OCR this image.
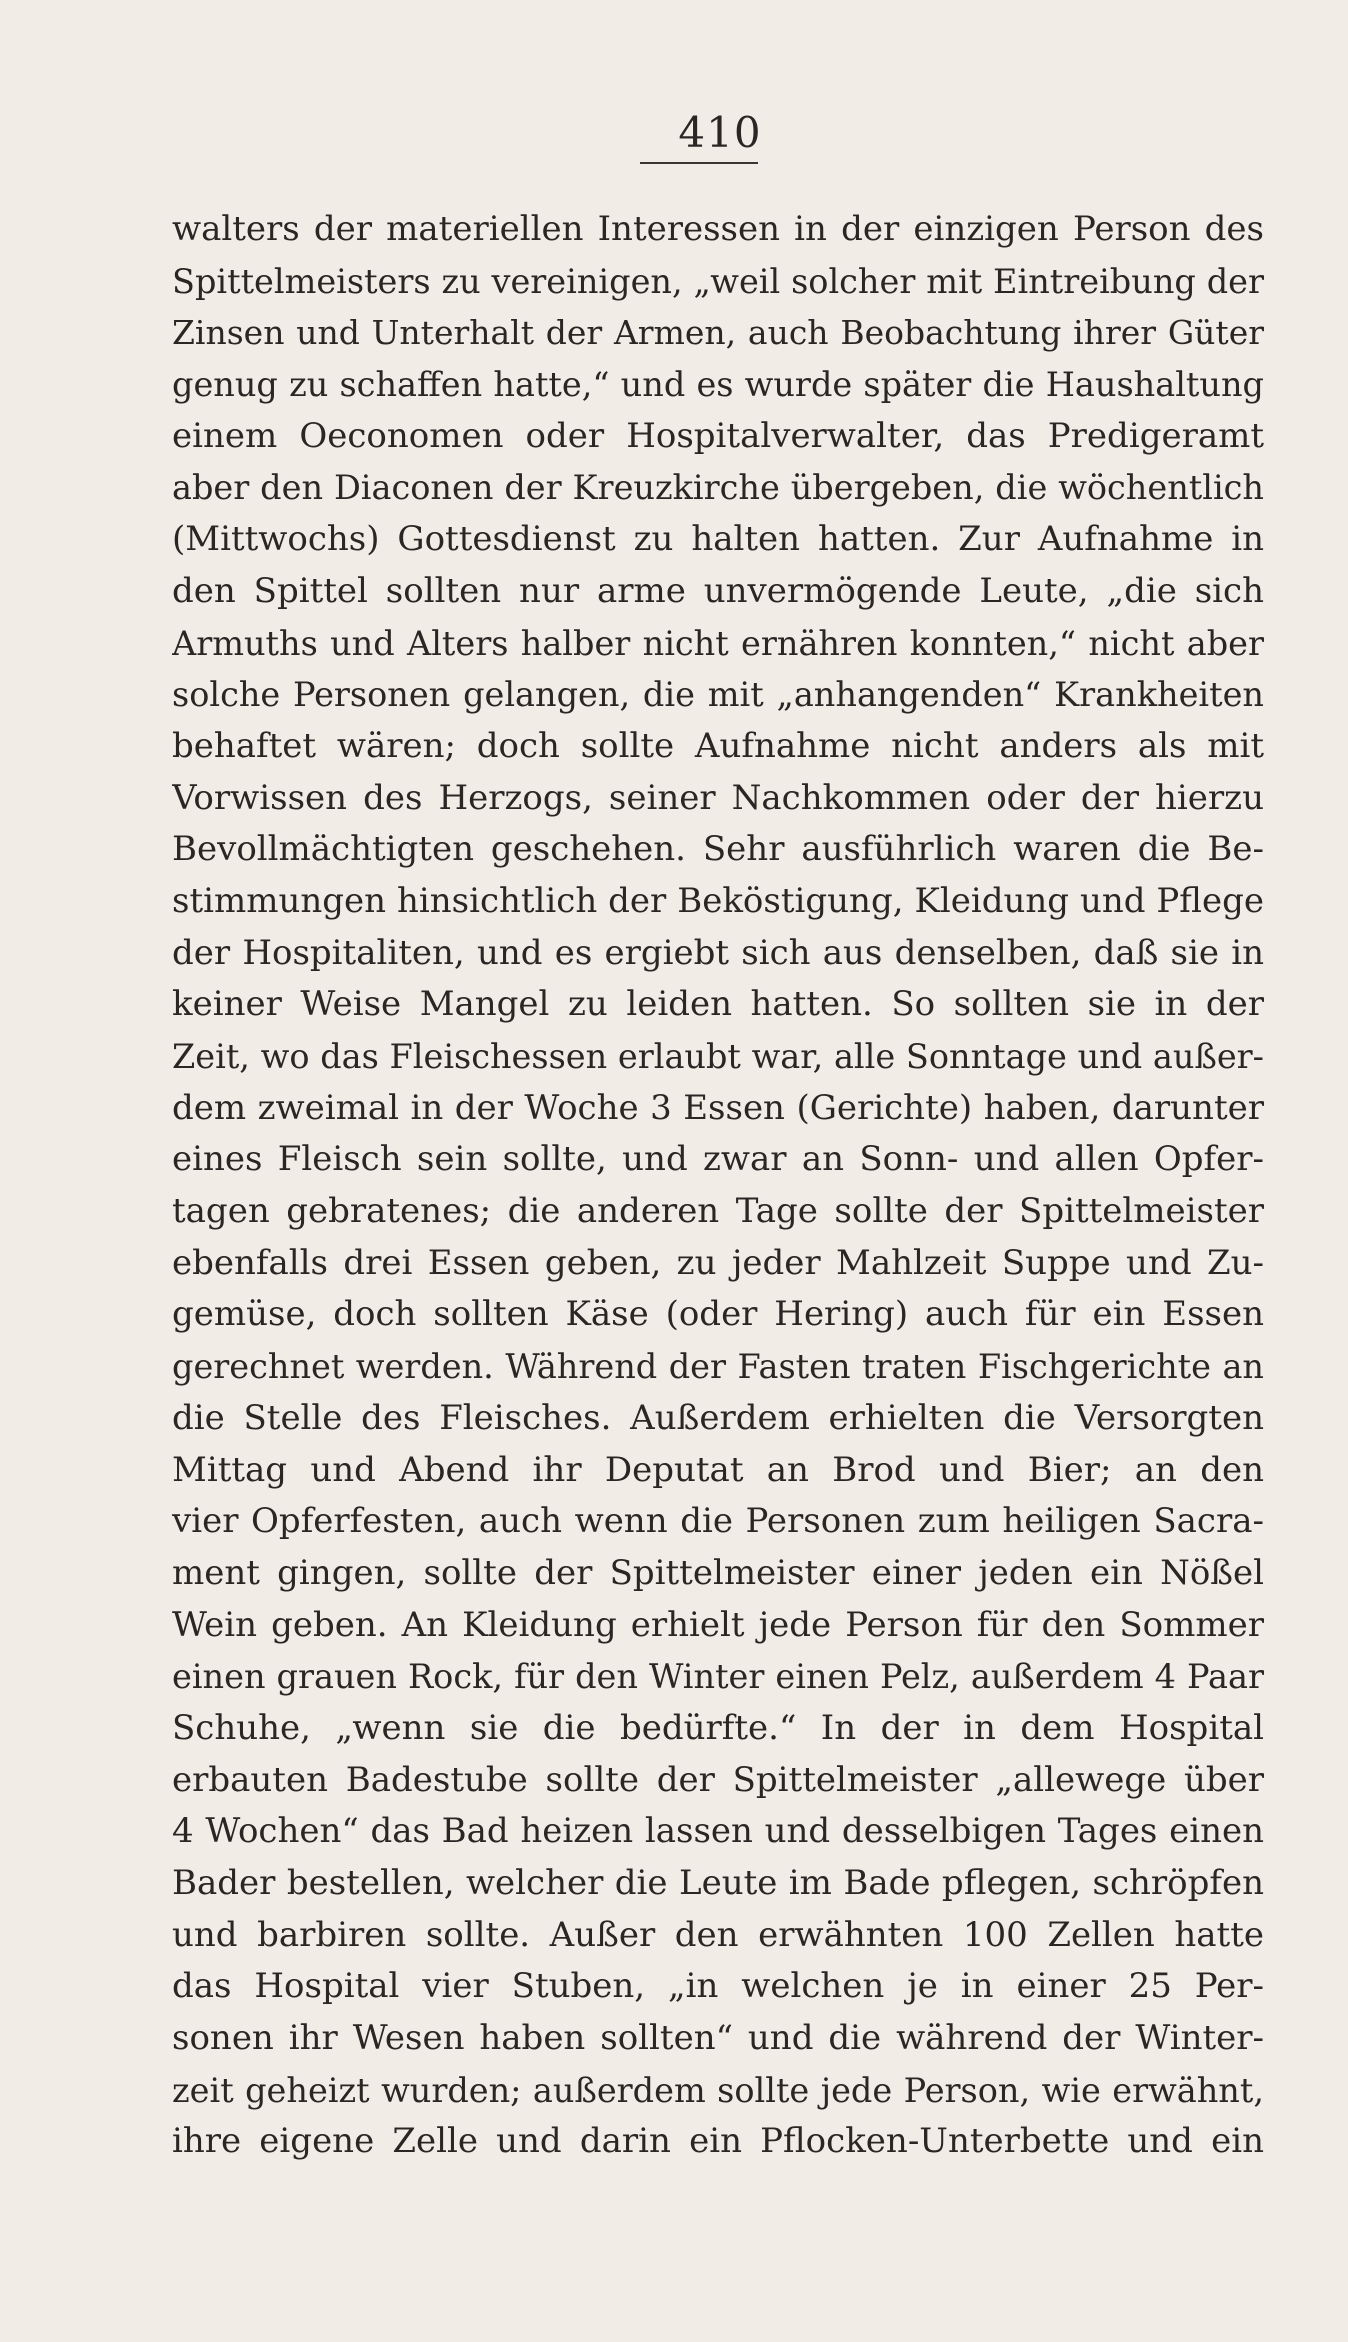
410
walters der materiellen Interessen in der einzigen Person des
Spittelmeisters zu vereinigen, „weil solcher mit Eintreibung der
Zinsen und Unterhalt der Armen, auch Beobachtung ihrer Güter
genug zu schaffen hatte,“ und es wurde später die Haushaltung
einem Oeconomen oder Hospitalverwalter, das Predigeramt
aber den Diaconen der Kreuzkirche übergeben, die wöchentlich
(Mittwochs) Gottesdienst zu halten hatten. Zur Aufnahme in
den Spittel sollten nur arme unvermögende Leute, „die sich
Armuths und Alters halber nicht ernähren konnten,“ nicht aber
solche Personen gelangen, die mit „anhangenden“ Krankheiten
behaftet wären; doch sollte Aufnahme nicht anders als mit
Vorwissen des Herzogs, seiner Nachkommen oder der hierzu
Bevollmächtigten geschehen. Sehr ausführlich waren die Be-
stimmungen hinsichtlich der Beköstigung, Kleidung und Pflege
der Hospitaliten, und es ergiebt sich aus denselben, daß sie in
keiner Weise Mangel zu leiden hatten. So sollten sie in der
Zeit, wo das Fleischessen erlaubt war, alle Sonntage und außer-
dem zweimal in der Woche 3 Essen (Gerichte) haben, darunter
eines Fleisch sein sollte, und zwar an Sonn- und allen Opfer-
tagen gebratenes; die anderen Tage sollte der Spittelmeister
ebenfalls drei Essen geben, zu jeder Mahlzeit Suppe und Zu-
gemüse, doch sollten Käse (oder Hering) auch für ein Essen
gerechnet werden. Während der Fasten traten Fischgerichte an
die Stelle des Fleisches. Außerdem erhielten die Versorgten
Mittag und Abend ihr Deputat an Brod und Bier; an den
vier Opferfesten, auch wenn die Personen zum heiligen Sacra-
ment gingen, sollte der Spittelmeister einer jeden ein Nößel
Wein geben. An Kleidung erhielt jede Person für den Sommer
einen grauen Rock, für den Winter einen Pelz, außerdem 4 Paar
Schuhe, „wenn sie die bedürfte.“ In der in dem Hospital
erbauten Badestube sollte der Spittelmeister „allewege über
4 Wochen“ das Bad heizen lassen und desselbigen Tages einen
Bader bestellen, welcher die Leute im Bade pflegen, schröpfen
und barbiren sollte. Außer den erwähnten 100 Zellen hatte
das Hospital vier Stuben, „in welchen je in einer 25 Per-
sonen ihr Wesen haben sollten“ und die während der Winter-
zeit geheizt wurden; außerdem sollte jede Person, wie erwähnt,
ihre eigene Zelle und darin ein Pflocken-Unterbette und ein
